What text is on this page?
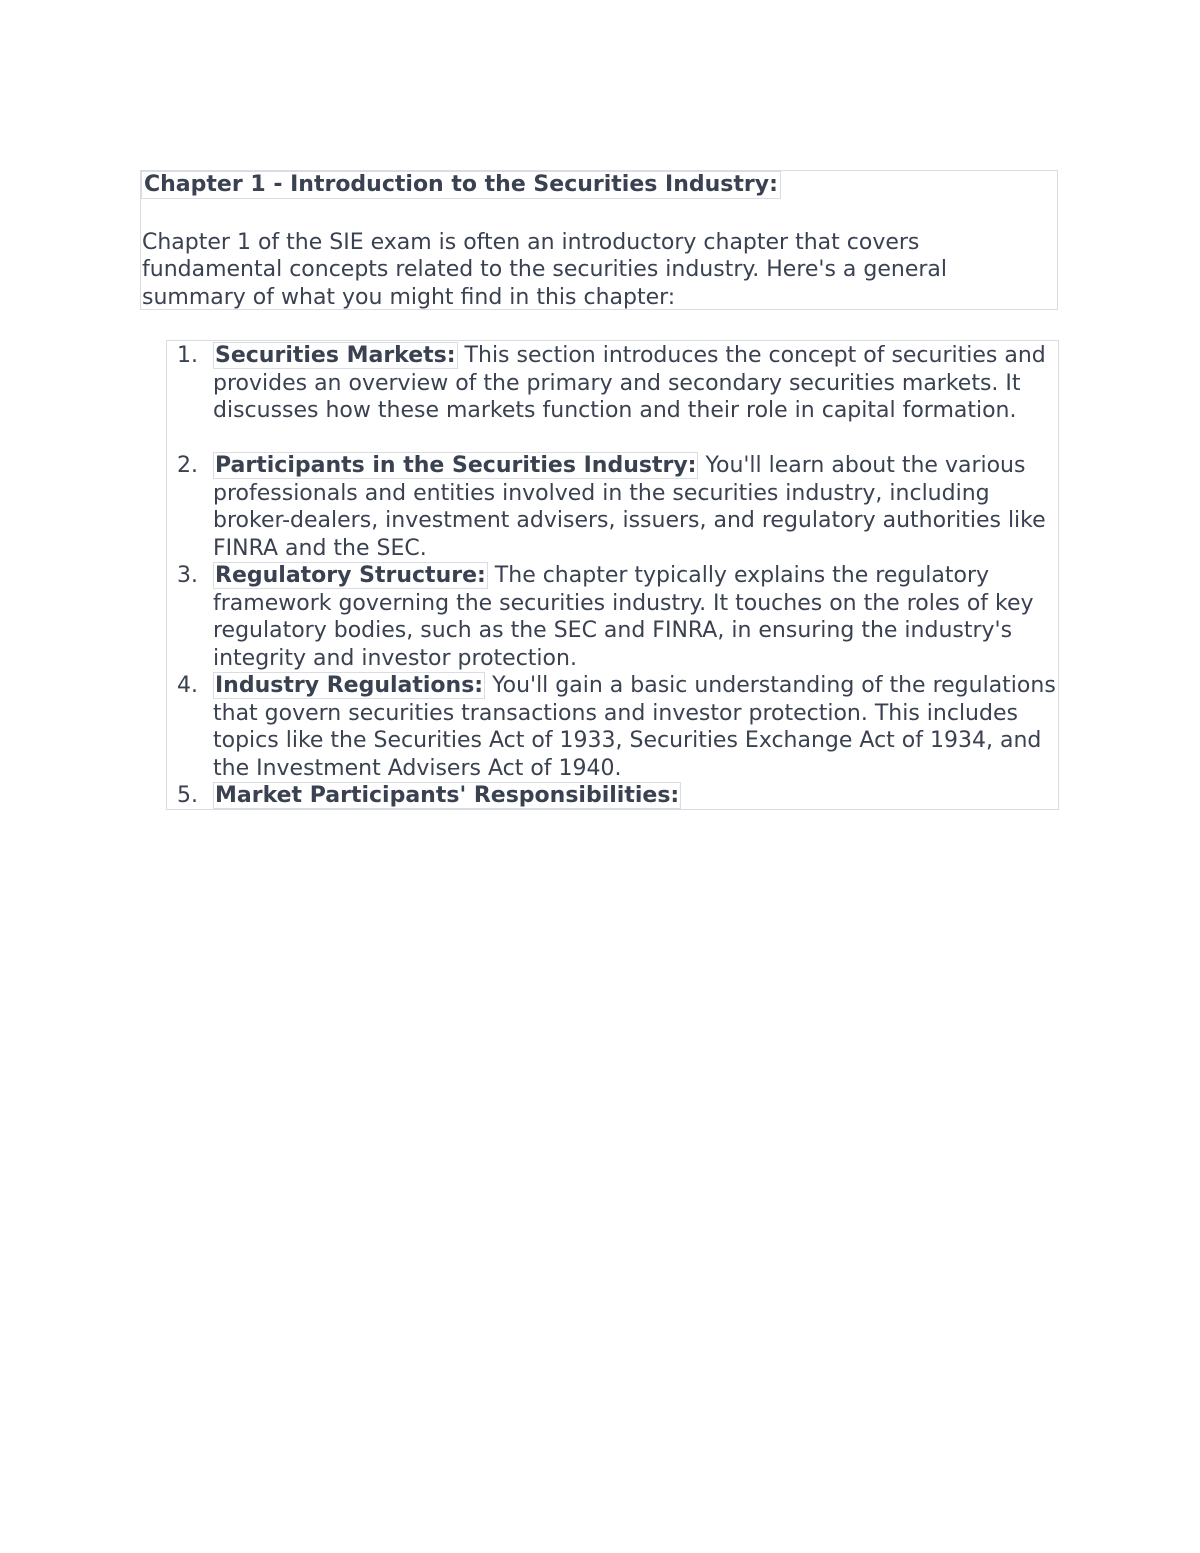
Chapter 1 - Introduction to the Securities Industry:
Chapter 1 of the SIE exam is often an introductory chapter that covers fundamental concepts related to the securities industry. Here's a general summary of what you might find in this chapter:
1. Securities Markets: This section introduces the concept of securities and provides an overview of the primary and secondary securities markets. It discusses how these markets function and their role in capital formation.
2. Participants in the Securities Industry: You'll learn about the various professionals and entities involved in the securities industry, including broker-dealers, investment advisers, issuers, and regulatory authorities like FINRA and the SEC.
3. Regulatory Structure: The chapter typically explains the regulatory framework governing the securities industry. It touches on the roles of key regulatory bodies, such as the SEC and FINRA, in ensuring the industry's integrity and investor protection.
4. Industry Regulations: You'll gain a basic understanding of the regulations that govern securities transactions and investor protection. This includes topics like the Securities Act of 1933, Securities Exchange Act of 1934, and the Investment Advisers Act of 1940.
5. Market Participants' Responsibilities:
